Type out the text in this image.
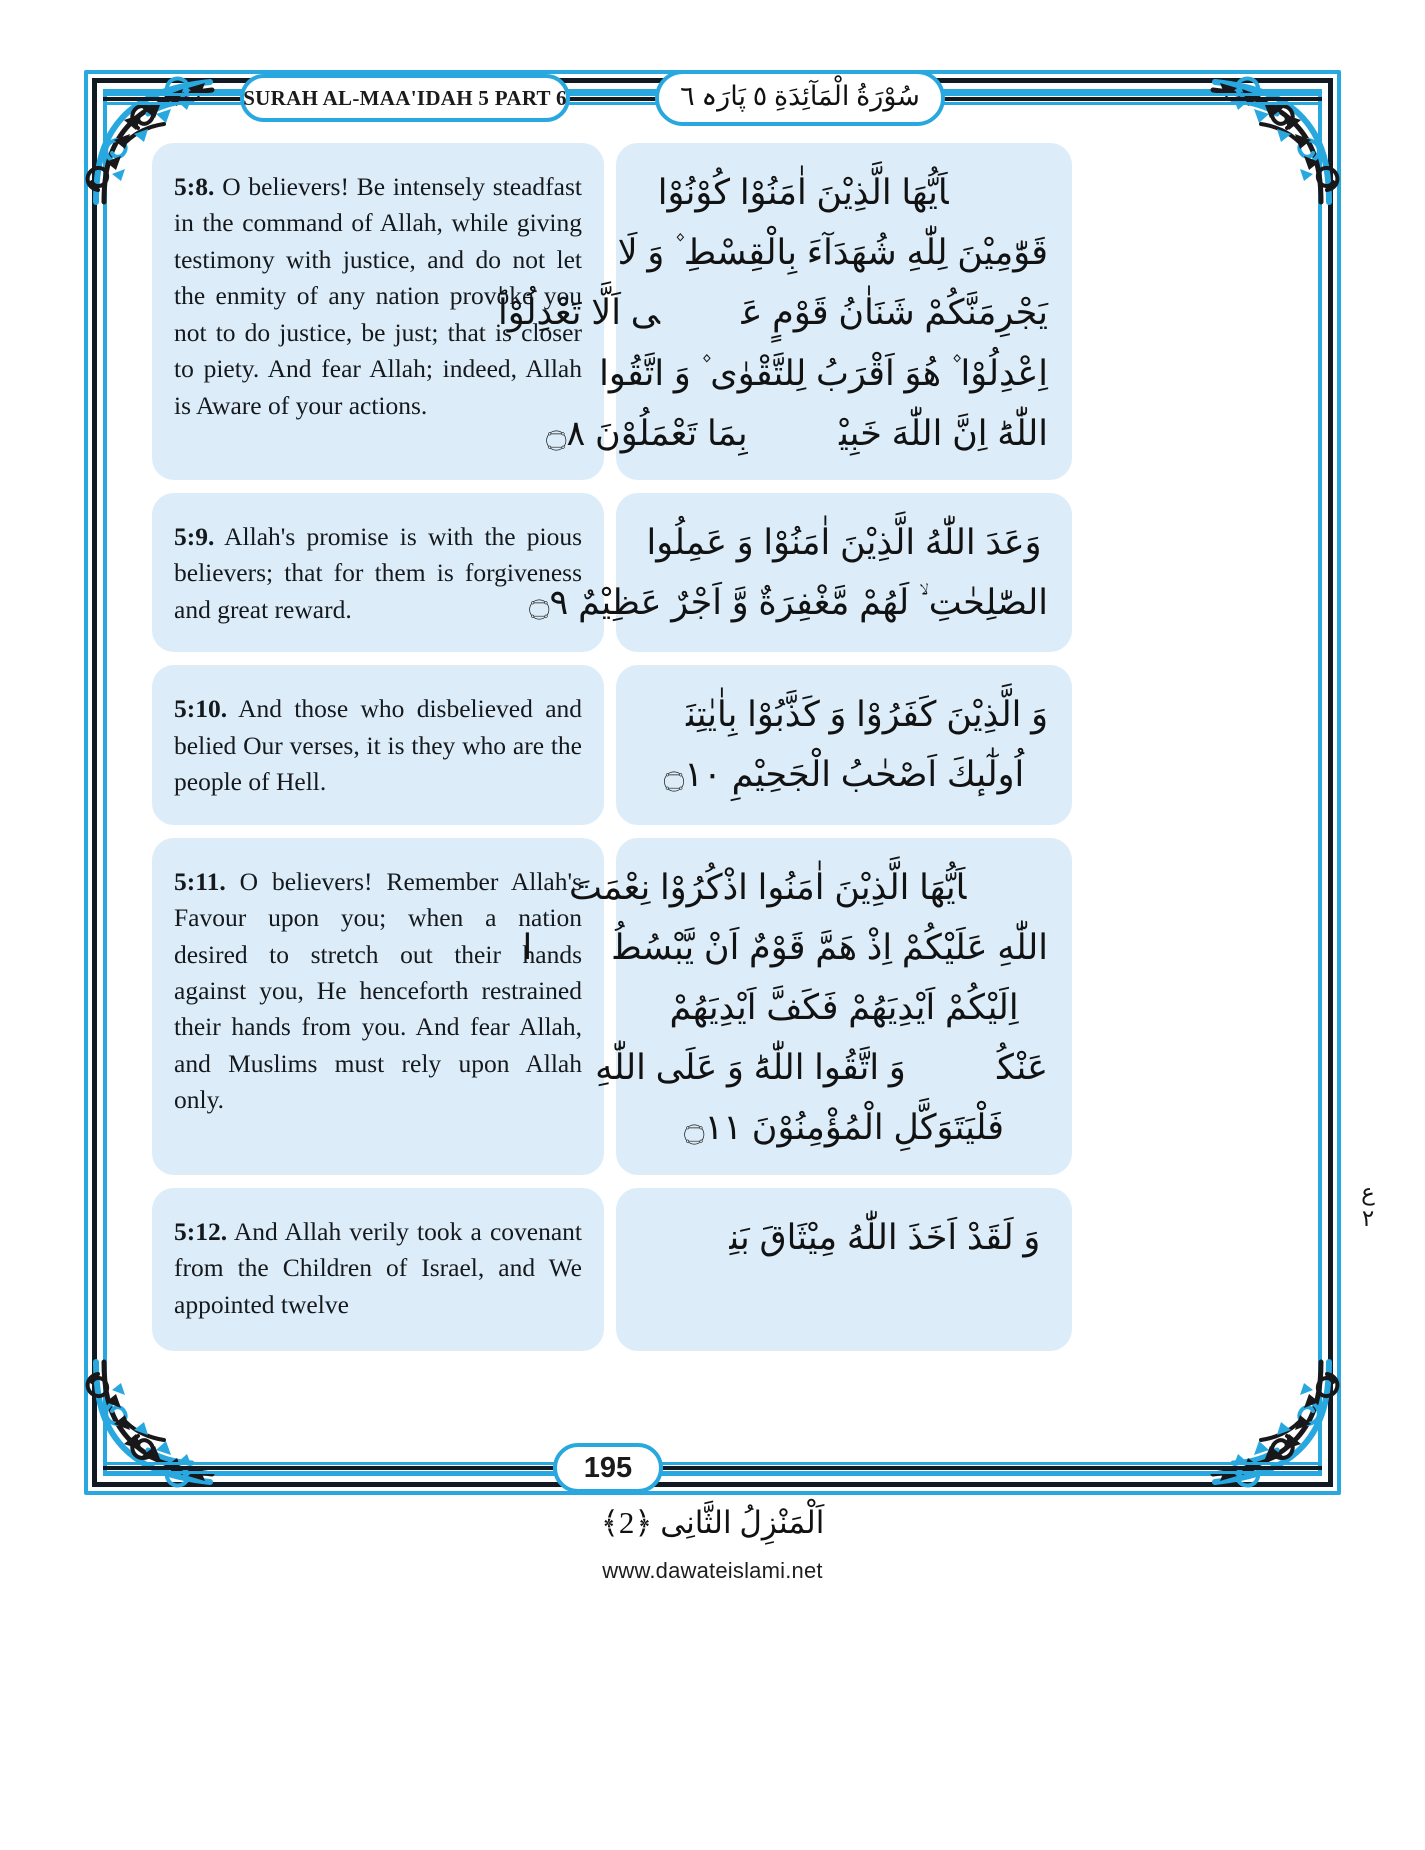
SURAH AL-MAA'IDAH 5 PART 6	سُوْرَةُ الْمَآئِدَةِ ٥ پَارَہ ٦
5:8. O believers! Be intensely steadfast in the command of Allah, while giving testimony with justice, and do not let the enmity of any nation provoke you not to do justice, be just; that is closer to piety. And fear Allah; indeed, Allah is Aware of your actions.
یٰۤاَیُّهَا الَّذِیْنَ اٰمَنُوْا كُوْنُوْا
قَوّٰمِیْنَ لِلّٰهِ شُهَدَآءَ بِالْقِسْطِ ۫ وَ لَا
یَجْرِمَنَّكُمْ شَنَاٰنُ قَوْمٍ عَلٰۤى اَلَّا تَعْدِلُوْاؕ
اِعْدِلُوْا ۫ هُوَ اَقْرَبُ لِلتَّقْوٰى ۫ وَ اتَّقُوا
اللّٰهَؕ اِنَّ اللّٰهَ خَبِیْرٌۢ بِمَا تَعْمَلُوْنَ ۝۸
5:9. Allah's promise is with the pious believers; that for them is forgiveness and great reward.
وَعَدَ اللّٰهُ الَّذِیْنَ اٰمَنُوْا وَ عَمِلُوا
الصّٰلِحٰتِ ۙ لَهُمْ مَّغْفِرَةٌ وَّ اَجْرٌ عَظِیْمٌ ۝۹
5:10. And those who disbelieved and belied Our verses, it is they who are the people of Hell.
وَ الَّذِیْنَ كَفَرُوْا وَ كَذَّبُوْا بِاٰیٰتِنَاۤ
اُولٰٓىٕكَ اَصْحٰبُ الْجَحِیْمِ ۝۱۰
5:11. O believers! Remember Allah's Favour upon you; when a nation desired to stretch out their hands against you, He henceforth restrained their hands from you. And fear Allah, and Muslims must rely upon Allah only.
یٰۤاَیُّهَا الَّذِیْنَ اٰمَنُوا اذْكُرُوْا نِعْمَتَ
اللّٰهِ عَلَیْكُمْ اِذْ هَمَّ قَوْمٌ اَنْ یَّبْسُطُوْۤا
اِلَیْكُمْ اَیْدِیَهُمْ فَكَفَّ اَیْدِیَهُمْ
عَنْكُمْۚ وَ اتَّقُوا اللّٰهَؕ وَ عَلَى اللّٰهِ
فَلْیَتَوَكَّلِ الْمُؤْمِنُوْنَ ۝۱۱
5:12. And Allah verily took a covenant from the Children of Israel, and We appointed twelve
وَ لَقَدْ اَخَذَ اللّٰهُ مِیْثَاقَ بَنِیْۤ
ع
٢
195
اَلْمَنْزِلُ الثَّانِی ﴿2﴾
www.dawateislami.net
